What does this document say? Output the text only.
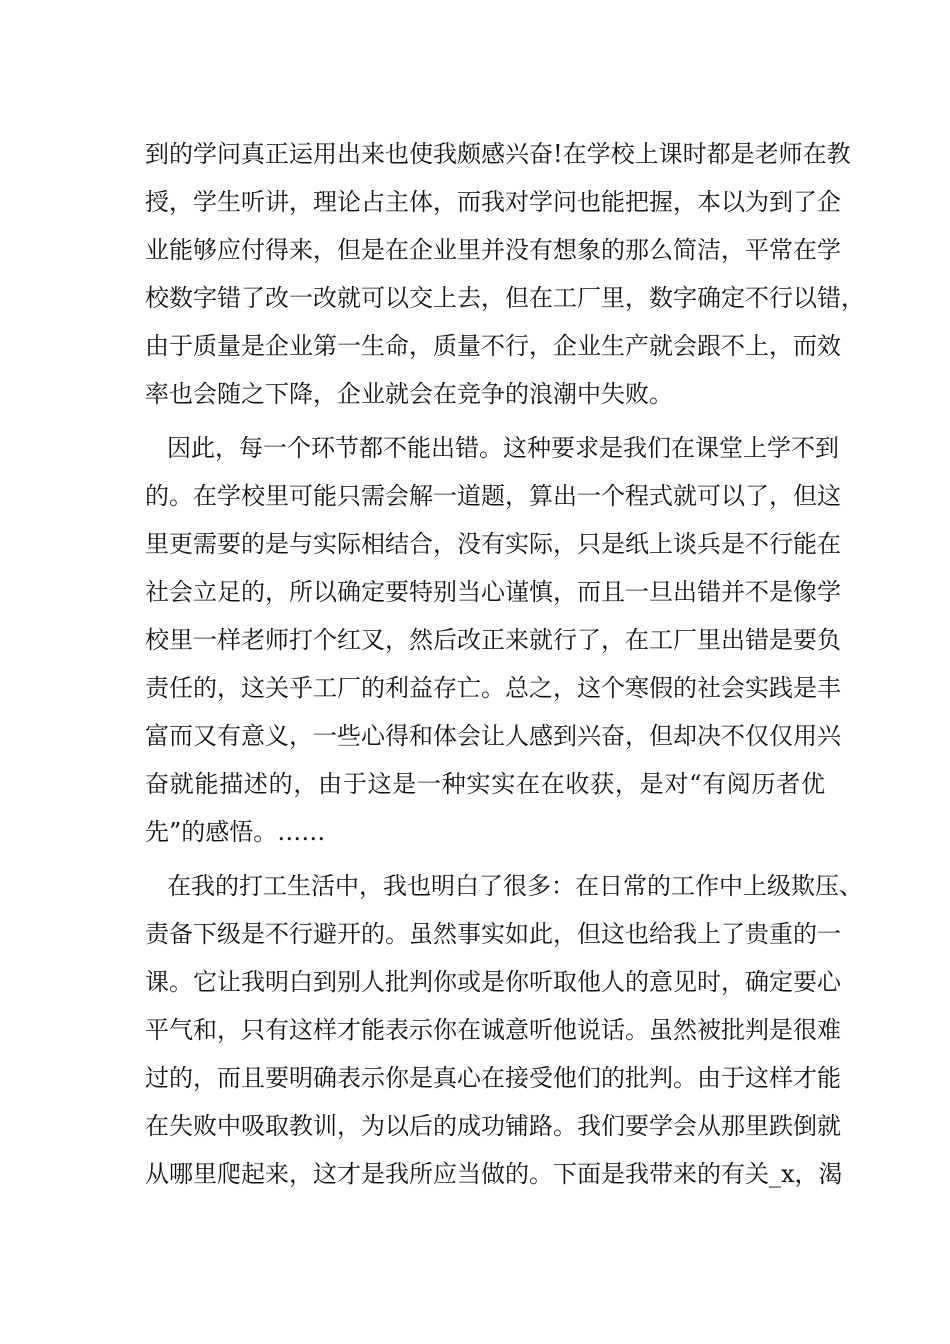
到的学问真正运用出来也使我颇感兴奋!在学校上课时都是老师在教
授，学生听讲，理论占主体，而我对学问也能把握，本以为到了企
业能够应付得来，但是在企业里并没有想象的那么简洁，平常在学
校数字错了改一改就可以交上去，但在工厂里，数字确定不行以错，
由于质量是企业第一生命，质量不行，企业生产就会跟不上，而效
率也会随之下降，企业就会在竞争的浪潮中失败。
因此，每一个环节都不能出错。这种要求是我们在课堂上学不到
的。在学校里可能只需会解一道题，算出一个程式就可以了，但这
里更需要的是与实际相结合，没有实际，只是纸上谈兵是不行能在
社会立足的，所以确定要特别当心谨慎，而且一旦出错并不是像学
校里一样老师打个红叉，然后改正来就行了，在工厂里出错是要负
责任的，这关乎工厂的利益存亡。总之，这个寒假的社会实践是丰
富而又有意义，一些心得和体会让人感到兴奋，但却决不仅仅用兴
奋就能描述的，由于这是一种实实在在收获，是对“有阅历者优
先”的感悟。……
在我的打工生活中，我也明白了很多：在日常的工作中上级欺压、
责备下级是不行避开的。虽然事实如此，但这也给我上了贵重的一
课。它让我明白到别人批判你或是你听取他人的意见时，确定要心
平气和，只有这样才能表示你在诚意听他说话。虽然被批判是很难
过的，而且要明确表示你是真心在接受他们的批判。由于这样才能
在失败中吸取教训，为以后的成功铺路。我们要学会从那里跌倒就
从哪里爬起来，这才是我所应当做的。下面是我带来的有关_x，渴
